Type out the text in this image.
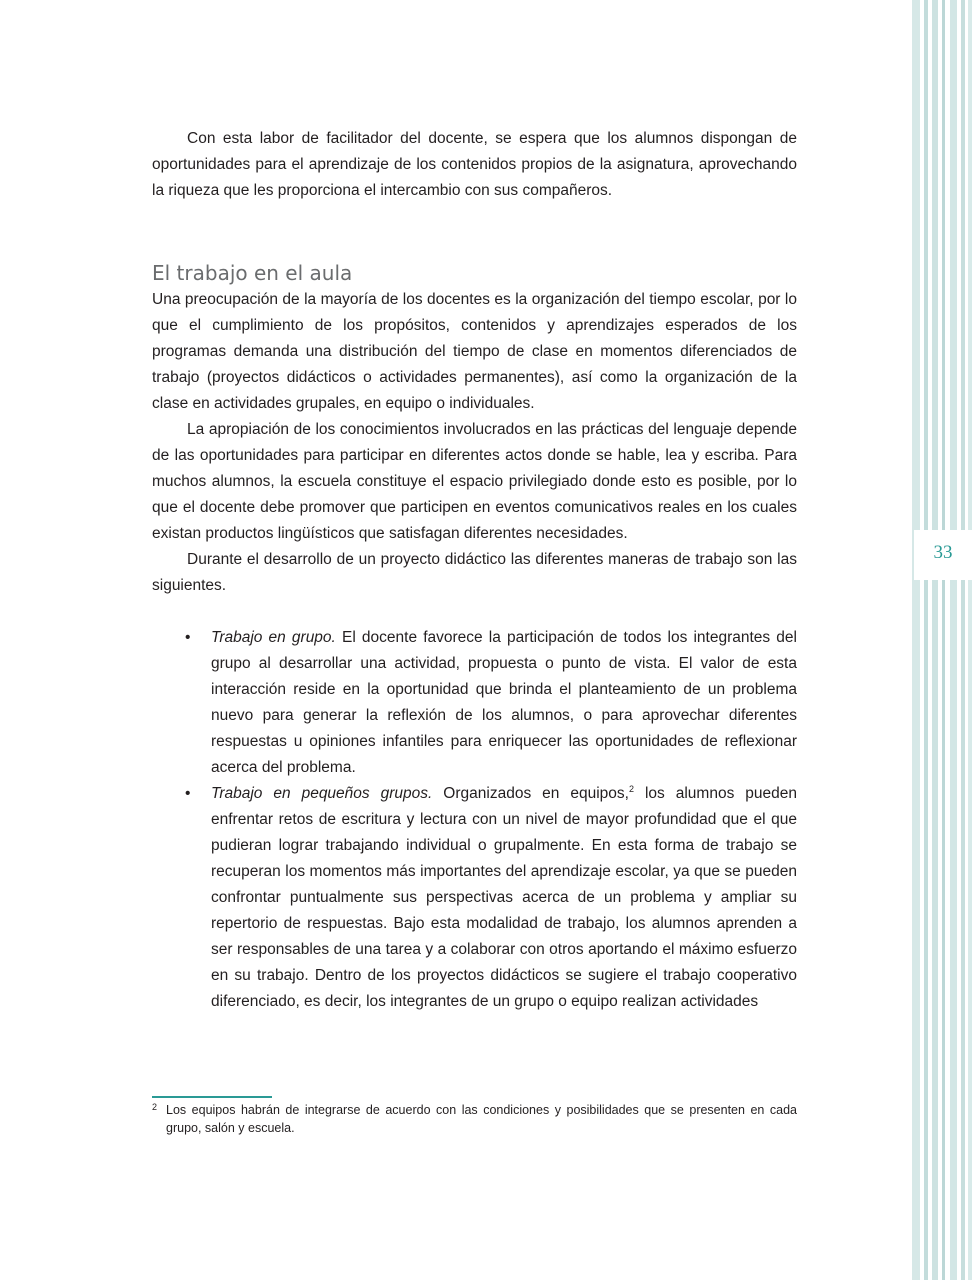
33

Con esta labor de facilitador del docente, se espera que los alumnos dispongan de oportunidades para el aprendizaje de los contenidos propios de la asignatura, aprovechando la riqueza que les proporciona el intercambio con sus compañeros.

El trabajo en el aula

Una preocupación de la mayoría de los docentes es la organización del tiempo escolar, por lo que el cumplimiento de los propósitos, contenidos y aprendizajes esperados de los programas demanda una distribución del tiempo de clase en momentos diferenciados de trabajo (proyectos didácticos o actividades permanentes), así como la organización de la clase en actividades grupales, en equipo o individuales.

La apropiación de los conocimientos involucrados en las prácticas del lenguaje depende de las oportunidades para participar en diferentes actos donde se hable, lea y escriba. Para muchos alumnos, la escuela constituye el espacio privilegiado donde esto es posible, por lo que el docente debe promover que participen en eventos comunicativos reales en los cuales existan productos lingüísticos que satisfagan diferentes necesidades.

Durante el desarrollo de un proyecto didáctico las diferentes maneras de trabajo son las siguientes.

• Trabajo en grupo. El docente favorece la participación de todos los integrantes del grupo al desarrollar una actividad, propuesta o punto de vista. El valor de esta interacción reside en la oportunidad que brinda el planteamiento de un problema nuevo para generar la reflexión de los alumnos, o para aprovechar diferentes respuestas u opiniones infantiles para enriquecer las oportunidades de reflexionar acerca del problema.

• Trabajo en pequeños grupos. Organizados en equipos,$^2$ los alumnos pueden enfrentar retos de escritura y lectura con un nivel de mayor profundidad que el que pudieran lograr trabajando individual o grupalmente. En esta forma de trabajo se recuperan los momentos más importantes del aprendizaje escolar, ya que se pueden confrontar puntualmente sus perspectivas acerca de un problema y ampliar su repertorio de respuestas. Bajo esta modalidad de trabajo, los alumnos aprenden a ser responsables de una tarea y a colaborar con otros aportando el máximo esfuerzo en su trabajo. Dentro de los proyectos didácticos se sugiere el trabajo cooperativo diferenciado, es decir, los integrantes de un grupo o equipo realizan actividades

2 Los equipos habrán de integrarse de acuerdo con las condiciones y posibilidades que se presenten en cada grupo, salón y escuela.
